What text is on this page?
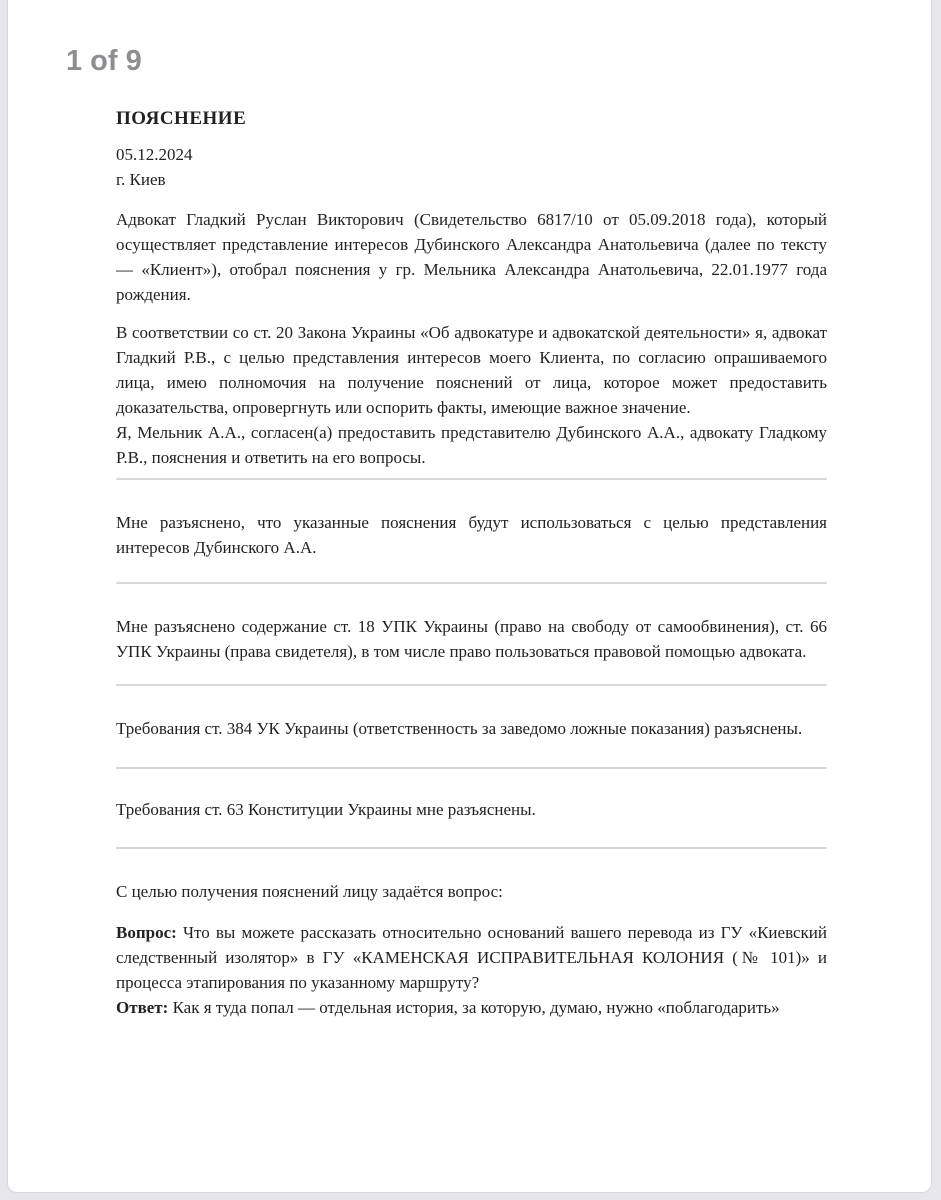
1 of 9
ПОЯСНЕНИЕ
05.12.2024
г. Киев

Адвокат Гладкий Руслан Викторович (Свидетельство 6817/10 от 05.09.2018 года), который осуществляет представление интересов Дубинского Александра Анатольевича (далее по тексту — «Клиент»), отобрал пояснения у гр. Мельника Александра Анатольевича, 22.01.1977 года рождения.

В соответствии со ст. 20 Закона Украины «Об адвокатуре и адвокатской деятельности» я, адвокат Гладкий Р.В., с целью представления интересов моего Клиента, по согласию опрашиваемого лица, имею полномочия на получение пояснений от лица, которое может предоставить доказательства, опровергнуть или оспорить факты, имеющие важное значение.

Я, Мельник А.А., согласен(а) предоставить представителю Дубинского А.А., адвокату Гладкому Р.В., пояснения и ответить на его вопросы.

Мне разъяснено, что указанные пояснения будут использоваться с целью представления интересов Дубинского А.А.

Мне разъяснено содержание ст. 18 УПК Украины (право на свободу от самообвинения), ст. 66 УПК Украины (права свидетеля), в том числе право пользоваться правовой помощью адвоката.

Требования ст. 384 УК Украины (ответственность за заведомо ложные показания) разъяснены.

Требования ст. 63 Конституции Украины мне разъяснены.

С целью получения пояснений лицу задаётся вопрос:

Вопрос: Что вы можете рассказать относительно оснований вашего перевода из ГУ «Киевский следственный изолятор» в ГУ «КАМЕНСКАЯ ИСПРАВИТЕЛЬНАЯ КОЛОНИЯ (№ 101)» и процесса этапирования по указанному маршруту?

Ответ: Как я туда попал — отдельная история, за которую, думаю, нужно «поблагодарить»
